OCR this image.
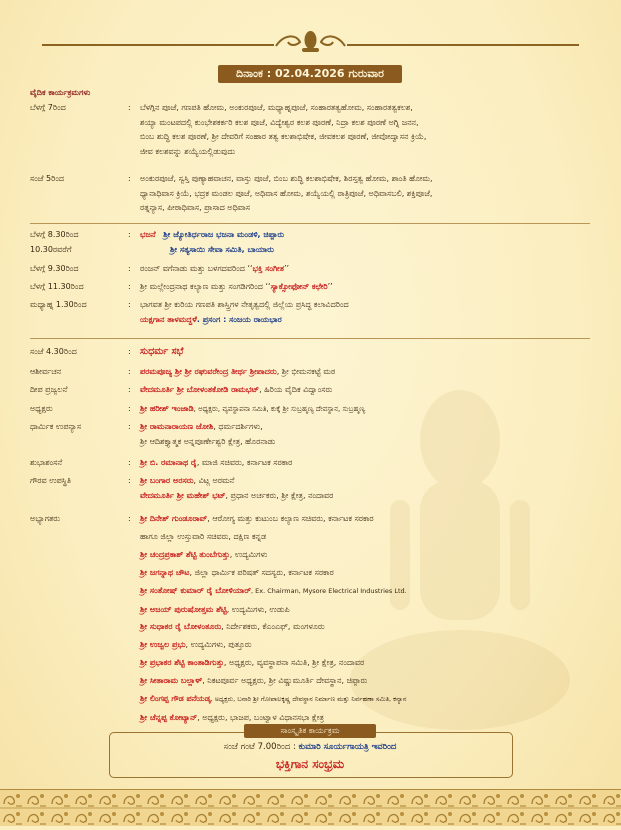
ದಿನಾಂಕ : 02.04.2026 ಗುರುವಾರ
ವೈದಿಕ ಕಾರ್ಯಕ್ರಮಗಳು
ಬೆಳಗ್ಗೆ 7ರಿಂದ	:	ಬೆಳಗ್ಗಿನ ಪೂಜೆ, ಗಣಪತಿ ಹೋಮ, ಅಂಕುರಪೂಜೆ, ಮಧ್ಯಾಹ್ನಪೂಜೆ, ಸಂಹಾರತತ್ವಹೋಮ, ಸಂಹಾರತತ್ವಕಲಶ,
ಶಯ್ಯಾ ಮಂಟಪದಲ್ಲಿ ಕುಂಭೇಶಕರ್ಕರಿ ಕಲಶ ಪೂಜೆ, ವಿದ್ಯೇಶ್ವರ ಕಲಶ ಪೂರಣೆ, ನಿದ್ರಾ ಕಲಶ ಪೂರಣೆ ಅಗ್ನಿ ಜನನ,
ಬಿಂಬ ಶುದ್ಧಿ ಕಲಶ ಪೂರಣೆ, ಶ್ರೀ ದೇವರಿಗೆ ಸಂಹಾರ ತತ್ವ ಕಲಶಾಭಿಷೇಕ, ಜೀವಕಲಶ ಪೂರಣೆ, ಜೀವೋದ್ವಾಸನ ಕ್ರಿಯೆ,
ಜೀವ ಕಲಶವನ್ನು ಶಯ್ಯೆಯಲ್ಲಿಡುವುದು
ಸಂಜೆ 5ರಿಂದ	:	ಅಂಕುರಪೂಜೆ, ಸ್ವಸ್ತಿ ಪುಣ್ಯಾಹವಾಚನ, ವಾಸ್ತು ಪೂಜೆ, ಬಿಂಬ ಶುದ್ಧಿ ಕಲಶಾಭಿಷೇಕ, ಶಿರಸ್ತತ್ವ ಹೋಮ, ಶಾಂತಿ ಹೋಮ,
ಧ್ಯಾನಾಧಿವಾಸ ಕ್ರಿಯೆ, ಭದ್ರಕ ಮಂಡಲ ಪೂಜೆ, ಅಧಿವಾಸ ಹೋಮ, ಶಯ್ಯೆಯಲ್ಲಿ ರಾತ್ರಿಪೂಜೆ, ಅಧಿವಾಸಬಲಿ, ಶಕ್ತಿಪೂಜೆ,
ರತ್ನನ್ಯಾಸ, ಪೀಠಾಧಿವಾಸ, ಪ್ರಾಸಾದ ಅಧಿವಾಸ
ಬೆಳಗ್ಗೆ 8.30ರಿಂದ	:	ಭಜನೆ ಶ್ರೀ ಜ್ಯೋತಿರ್ಧರಾಜ ಭಜನಾ ಮಂಡಳಿ, ಚಿಪ್ಪಾರು
10.30ರವರೆಗೆ	ಶ್ರೀ ಸತ್ಯಸಾಯಿ ಸೇವಾ ಸಮಿತಿ, ಬಾಯಾರು
ಬೆಳಗ್ಗೆ 9.30ರಿಂದ	:	ರಂಜನ್ ವಗೆನಾಡು ಮತ್ತು ಬಳಗದವರಿಂದ ‘‘ಭಕ್ತಿ ಸಂಗೀತ’’
ಬೆಳಗ್ಗೆ 11.30ರಿಂದ	:	ಶ್ರೀ ಮಲ್ಲೇಂದ್ರನಾಥ ಕಲ್ಯಾಣ ಮತ್ತು ಸಂಗಡಿಗರಿಂದ ‘‘ಸ್ಯಾಕ್ಸೋಫೋನ್ ಕಛೇರಿ’’
ಮಧ್ಯಾಹ್ನ 1.30ರಿಂದ	:	ಭಾಗವತ ಶ್ರೀ ಕುರಿಯ ಗಣಪತಿ ಶಾಸ್ತ್ರಿಗಳ ನೇತೃತ್ವದಲ್ಲಿ ಜಿಲ್ಲೆಯ ಪ್ರಸಿದ್ಧ ಕಲಾವಿದರಿಂದ
ಯಕ್ಷಗಾನ ತಾಳಮದ್ದಳೆ. ಪ್ರಸಂಗ : ಸಂಜಯ ರಾಯಭಾರ
ಸಂಜೆ 4.30ರಿಂದ	: ಸುಧರ್ಮ ಸಭೆ
ಆಶೀರ್ವಚನ	:	ಪರಮಪೂಜ್ಯ ಶ್ರೀ ಶ್ರೀ ರಘುವರೇಂದ್ರ ತೀರ್ಥ ಶ್ರೀಪಾದರು, ಶ್ರೀ ಭೀಮನಕಟ್ಟೆ ಮಠ
ದೀಪ ಪ್ರಜ್ವಲನೆ	:	ವೇದಮೂರ್ತಿ ಶ್ರೀ ಬೋಳಂತಕೋಡಿ ರಾಮಭಟ್, ಹಿರಿಯ ವೈದಿಕ ವಿದ್ವಾಂಸರು
ಅಧ್ಯಕ್ಷರು	:	ಶ್ರೀ ಹರೀಶ್ ಇಂಜಾಡಿ, ಅಧ್ಯಕ್ಷರು, ವ್ಯವಸ್ಥಾಪನಾ ಸಮಿತಿ, ಕುಕ್ಕೆ ಶ್ರೀ ಸುಬ್ರಹ್ಮಣ್ಯ ದೇವಸ್ಥಾನ, ಸುಬ್ರಹ್ಮಣ್ಯ
ಧಾರ್ಮಿಕ ಉಪನ್ಯಾಸ	:	ಶ್ರೀ ರಾಮನಾರಾಯಣ ಜೋಶಿ, ಧರ್ಮದರ್ಶಿಗಳು,
ಶ್ರೀ ಆದಿಶಕ್ತ್ಯಾತ್ಮಕ ಅನ್ನಪೂರ್ಣೇಶ್ವರಿ ಕ್ಷೇತ್ರ, ಹೊರನಾಡು
ಶುಭಾಶಂಸನೆ	:	ಶ್ರೀ ಬಿ. ರಮಾನಾಥ ರೈ, ಮಾಜಿ ಸಚಿವರು, ಕರ್ನಾಟಕ ಸರಕಾರ
ಗೌರವ ಉಪಸ್ಥಿತಿ	:	ಶ್ರೀ ಬಂಗಾರ ಅರಸರು, ವಿಟ್ಲ ಅರಮನೆ
ವೇದಮೂರ್ತಿ ಶ್ರೀ ಮಹೇಶ್ ಭಟ್, ಪ್ರಧಾನ ಅರ್ಚಕರು, ಶ್ರೀ ಕ್ಷೇತ್ರ, ನಂದಾವರ
ಅಭ್ಯಾಗತರು	:	ಶ್ರೀ ದಿನೇಶ್ ಗುಂಡೂರಾವ್, ಆರೋಗ್ಯ ಮತ್ತು ಕುಟುಂಬ ಕಲ್ಯಾಣ ಸಚಿವರು, ಕರ್ನಾಟಕ ಸರಕಾರ
ಹಾಗೂ ಜಿಲ್ಲಾ ಉಸ್ತುವಾರಿ ಸಚಿವರು, ದಕ್ಷಿಣ ಕನ್ನಡ
ಶ್ರೀ ಚಂದ್ರಪ್ರಕಾಶ್ ಶೆಟ್ಟಿ ತುಂಬೆಗುತ್ತು, ಉದ್ಯಮಿಗಳು
ಶ್ರೀ ಜಗನ್ನಾಥ ಚೌಟ, ಜಿಲ್ಲಾ ಧಾರ್ಮಿಕ ಪರಿಷತ್ ಸದಸ್ಯರು, ಕರ್ನಾಟಕ ಸರಕಾರ
ಶ್ರೀ ಸಂತೋಷ್ ಕುಮಾರ್ ರೈ ಬೋಳಿಯಾರ್, Ex. Chairman, Mysore Electrical Industries Ltd.
ಶ್ರೀ ಅಜಯ್ ಪುರುಷೋತ್ತಮ ಶೆಟ್ಟಿ, ಉದ್ಯಮಿಗಳು, ಉಡುಪಿ
ಶ್ರೀ ಸುಧಾಕರ ರೈ ಬೋಳಂತೂರು, ನಿರ್ದೇಶಕರು, ಕೆಎಂಎಫ್, ಮಂಗಳೂರು
ಶ್ರೀ ಉಜ್ವಲ ಪ್ರಭು, ಉದ್ಯಮಿಗಳು, ಪುತ್ತೂರು
ಶ್ರೀ ಪ್ರಭಾಕರ ಶೆಟ್ಟಿ ಕಾಂತಾಡಿಗುತ್ತು, ಅಧ್ಯಕ್ಷರು, ವ್ಯವಸ್ಥಾಪನಾ ಸಮಿತಿ, ಶ್ರೀ ಕ್ಷೇತ್ರ, ನಂದಾವರ
ಶ್ರೀ ಸೀತಾರಾಮ ಬಲ್ಲಾಳ್, ನಿಕಟಪೂರ್ವ ಅಧ್ಯಕ್ಷರು, ಶ್ರೀ ವಿಷ್ಣುಮೂರ್ತಿ ದೇವಸ್ಥಾನ, ಚಿಪ್ಪಾರು
ಶ್ರೀ ಲಿಂಗಪ್ಪ ಗೌಡ ಪನೆಯಡ್ಕ, ಅಧ್ಯಕ್ಷರು, ಬನಾರಿ ಶ್ರೀ ಗೋಪಾಲಕೃಷ್ಣ ದೇವಸ್ಥಾನ ನಿರ್ಮಾಣ ಮತ್ತು ನಿರ್ವಹಣಾ ಸಮಿತಿ, ಕನ್ಯಾನ
ಶ್ರೀ ಚೆನ್ನಪ್ಪ ಕೋಟ್ಯಾನ್, ಅಧ್ಯಕ್ಷರು, ಭಾಜಪ, ಬಂಟ್ವಾಳ ವಿಧಾನಸಭಾ ಕ್ಷೇತ್ರ
ಸಾಂಸ್ಕೃತಿಕ ಕಾರ್ಯಕ್ರಮ
ಸಂಜೆ ಗಂಟೆ 7.00ರಿಂದ : ಕುಮಾರಿ ಸೂರ್ಯಗಾಯತ್ರಿ ಇವರಿಂದ
ಭಕ್ತಿಗಾನ ಸಂಭ್ರಮ
